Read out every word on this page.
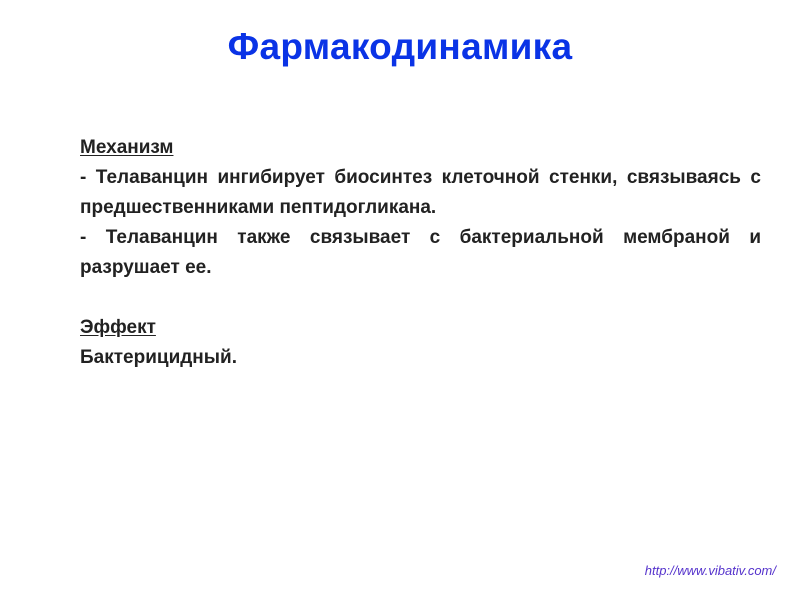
Фармакодинамика

Механизм

- Телаванцин ингибирует биосинтез клеточной стенки, связываясь с предшественниками пептидогликана.

- Телаванцин также связывает с бактериальной мембраной и разрушает ее.

Эффект

Бактерицидный.

http://www.vibativ.com/
